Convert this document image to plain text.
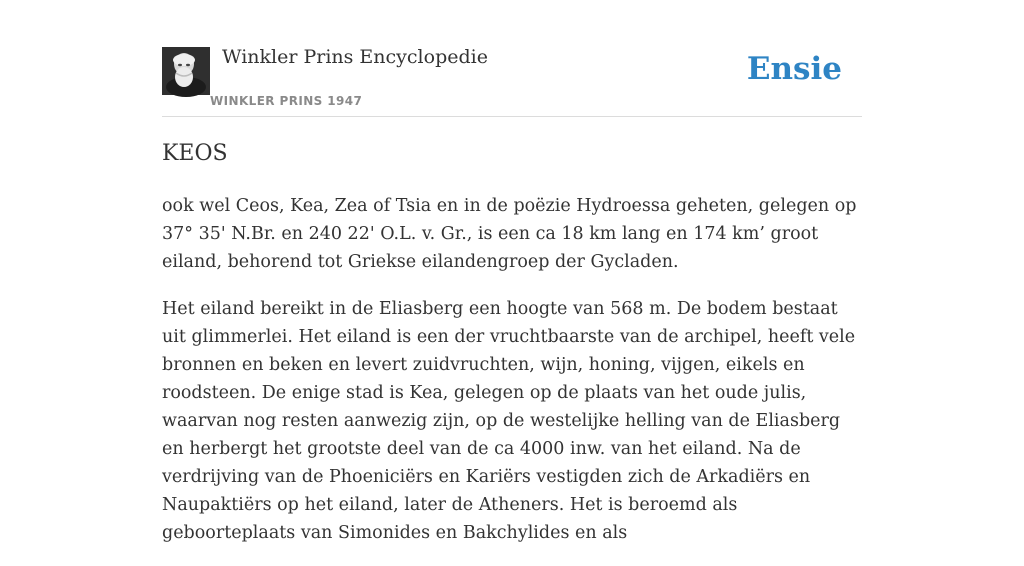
Winkler Prins Encyclopedie
WINKLER PRINS 1947
Ensie
KEOS

ook wel Ceos, Kea, Zea of Tsia en in de poëzie Hydroessa geheten, gelegen op 37° 35' N.Br. en 240 22' O.L. v. Gr., is een ca 18 km lang en 174 km’ groot eiland, behorend tot Griekse eilandengroep der Gycladen.

Het eiland bereikt in de Eliasberg een hoogte van 568 m. De bodem bestaat uit glimmerlei. Het eiland is een der vruchtbaarste van de archipel, heeft vele bronnen en beken en levert zuidvruchten, wijn, honing, vijgen, eikels en roodsteen. De enige stad is Kea, gelegen op de plaats van het oude julis, waarvan nog resten aanwezig zijn, op de westelijke helling van de Eliasberg en herbergt het grootste deel van de ca 4000 inw. van het eiland. Na de verdrijving van de Phoeniciërs en Kariërs vestigden zich de Arkadiërs en Naupaktiërs op het eiland, later de Atheners. Het is beroemd als geboorteplaats van Simonides en Bakchylides en als
